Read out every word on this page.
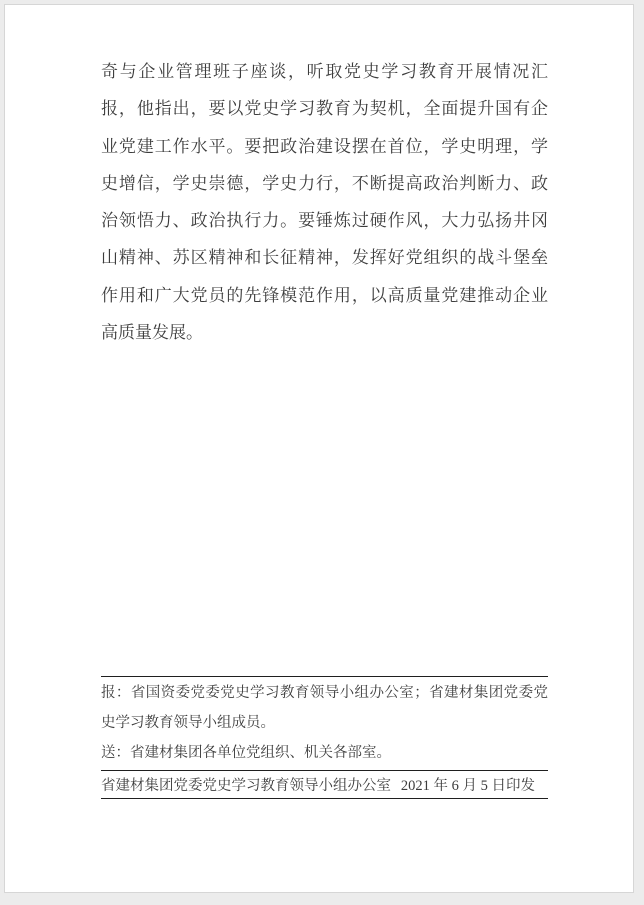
奇与企业管理班子座谈，听取党史学习教育开展情况汇
报，他指出，要以党史学习教育为契机，全面提升国有企
业党建工作水平。要把政治建设摆在首位，学史明理，学
史增信，学史崇德，学史力行，不断提高政治判断力、政
治领悟力、政治执行力。要锤炼过硬作风，大力弘扬井冈
山精神、苏区精神和长征精神，发挥好党组织的战斗堡垒
作用和广大党员的先锋模范作用，以高质量党建推动企业
高质量发展。
报：省国资委党委党史学习教育领导小组办公室；省建材集团党委党
史学习教育领导小组成员。
送：省建材集团各单位党组织、机关各部室。
省建材集团党委党史学习教育领导小组办公室 2021 年 6 月 5 日印发
